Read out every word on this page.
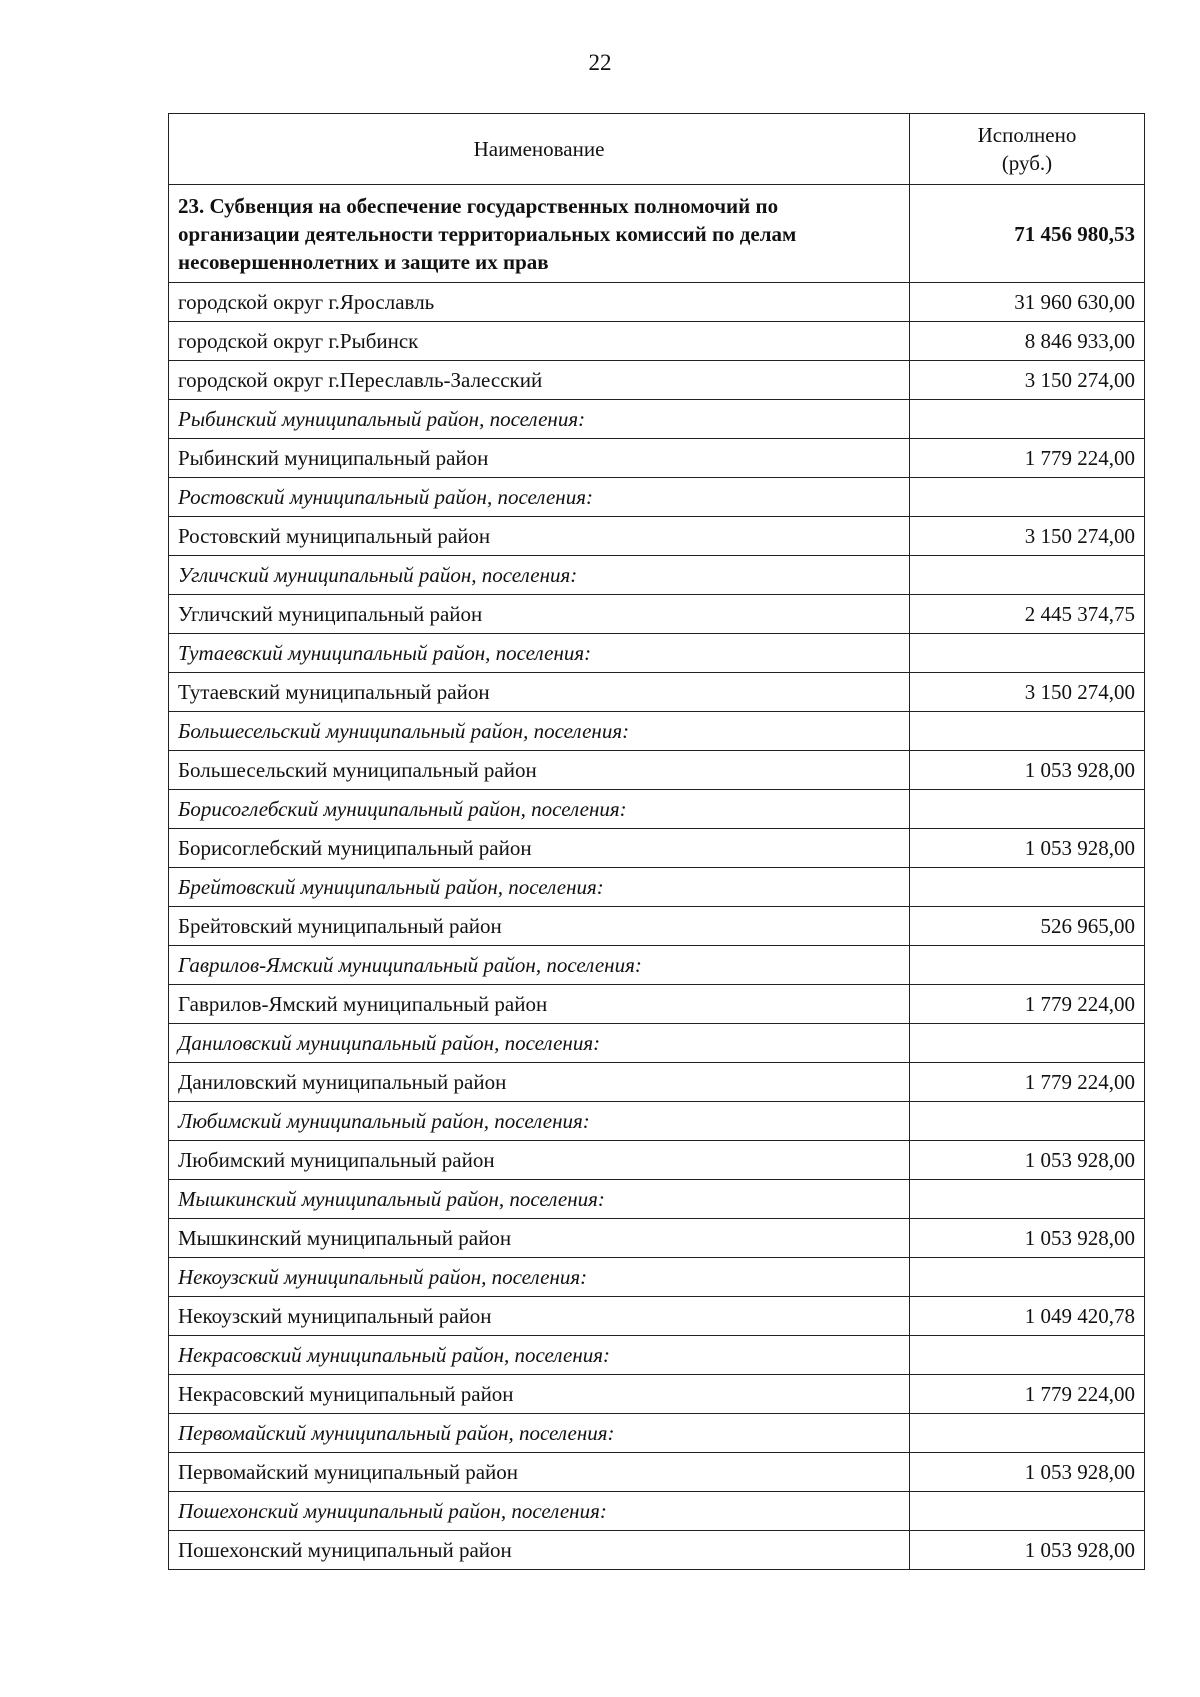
22
Наименование	Исполнено
(руб.)
23. Субвенция на обеспечение государственных полномочий по организации деятельности территориальных комиссий по делам несовершеннолетних и защите их прав	71 456 980,53
городской округ г.Ярославль	31 960 630,00
городской округ г.Рыбинск	8 846 933,00
городской округ г.Переславль-Залесский	3 150 274,00
Рыбинский муниципальный район, поселения:	
Рыбинский муниципальный район	1 779 224,00
Ростовский муниципальный район, поселения:	
Ростовский муниципальный район	3 150 274,00
Угличский муниципальный район, поселения:	
Угличский муниципальный район	2 445 374,75
Тутаевский муниципальный район, поселения:	
Тутаевский муниципальный район	3 150 274,00
Большесельский муниципальный район, поселения:	
Большесельский муниципальный район	1 053 928,00
Борисоглебский муниципальный район, поселения:	
Борисоглебский муниципальный район	1 053 928,00
Брейтовский муниципальный район, поселения:	
Брейтовский муниципальный район	526 965,00
Гаврилов-Ямский муниципальный район, поселения:	
Гаврилов-Ямский муниципальный район	1 779 224,00
Даниловский муниципальный район, поселения:	
Даниловский муниципальный район	1 779 224,00
Любимский муниципальный район, поселения:	
Любимский муниципальный район	1 053 928,00
Мышкинский муниципальный район, поселения:	
Мышкинский муниципальный район	1 053 928,00
Некоузский муниципальный район, поселения:	
Некоузский муниципальный район	1 049 420,78
Некрасовский муниципальный район, поселения:	
Некрасовский муниципальный район	1 779 224,00
Первомайский муниципальный район, поселения:	
Первомайский муниципальный район	1 053 928,00
Пошехонский муниципальный район, поселения:	
Пошехонский муниципальный район	1 053 928,00
